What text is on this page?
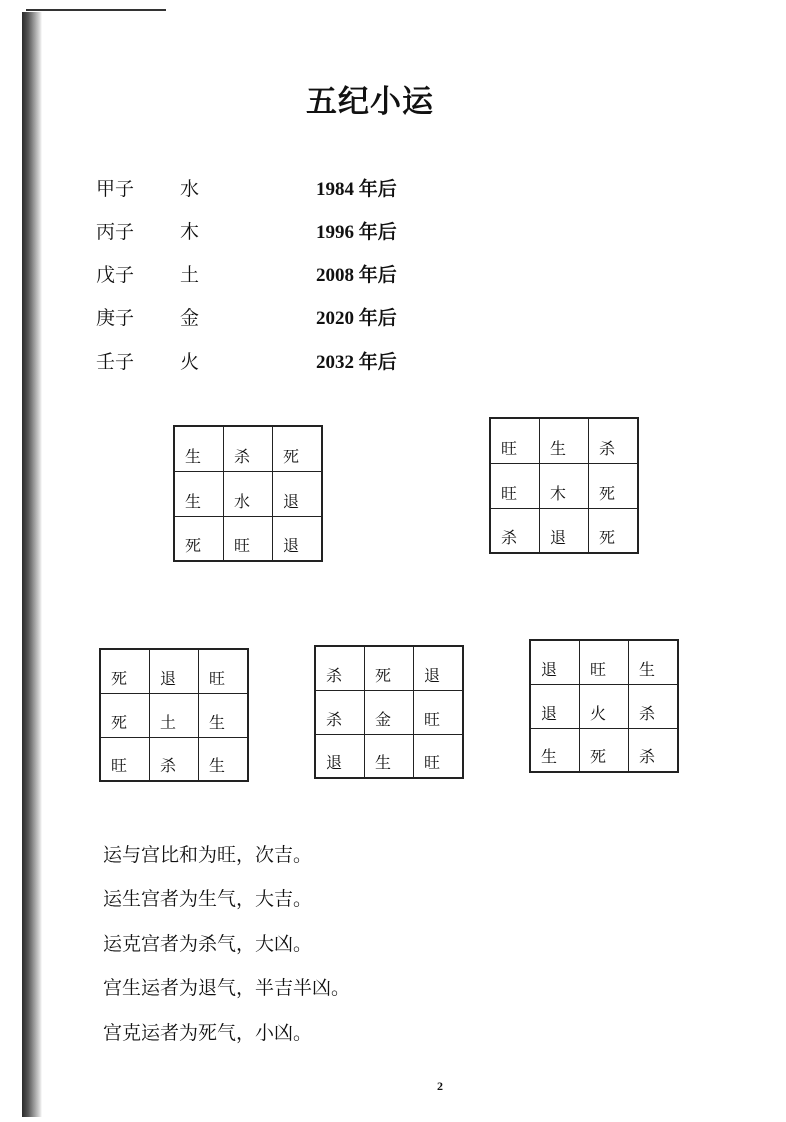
五纪小运
甲子 水	1984 年后
丙子 木	1996 年后
戊子 土	2008 年后
庚子 金	2020 年后
壬子 火	2032 年后
生	杀	死
生	水	退
死	旺	退
旺	生	杀
旺	木	死
杀	退	死
死	退	旺
死	土	生
旺	杀	生
杀	死	退
杀	金	旺
退	生	旺
退	旺	生
退	火	杀
生	死	杀
运与宫比和为旺，次吉。
运生宫者为生气，大吉。
运克宫者为杀气，大凶。
宫生运者为退气，半吉半凶。
宫克运者为死气，小凶。
2
